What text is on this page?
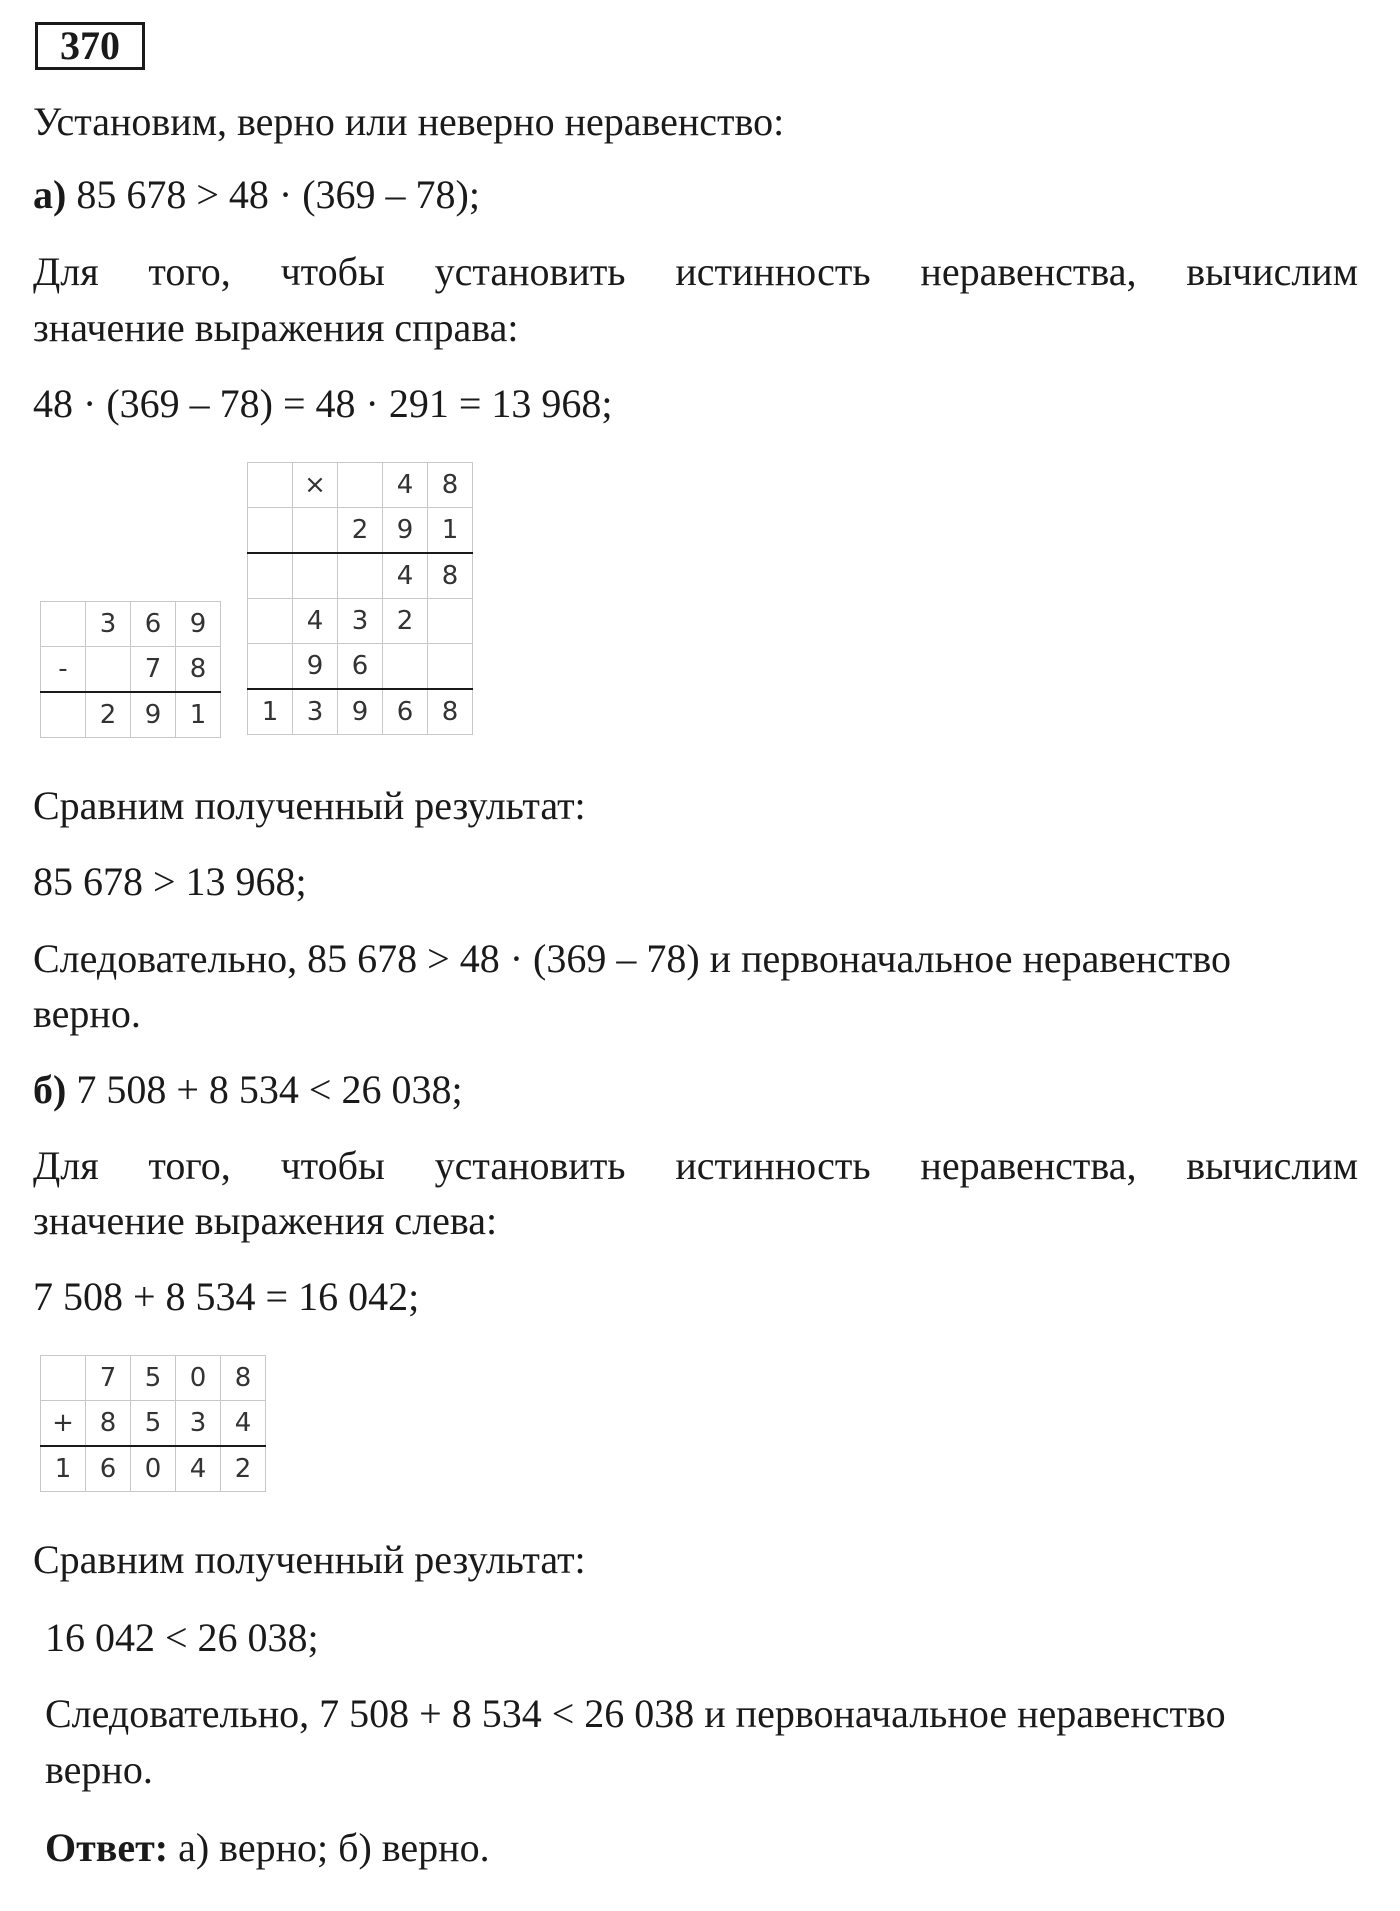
370
Установим, верно или неверно неравенство:
а) 85 678 > 48 · (369 – 78);
Для того, чтобы установить истинность неравенства, вычислим
значение выражения справа:
48 · (369 – 78) = 48 · 291 = 13 968;
	3	6	9
-		7	8
	2	9	1
	×		4	8
		2	9	1
			4	8
	4	3	2	
	9	6		
1	3	9	6	8
Сравним полученный результат:
85 678 > 13 968;
Следовательно, 85 678 > 48 · (369 – 78) и первоначальное неравенство
верно.
б) 7 508 + 8 534 < 26 038;
Для того, чтобы установить истинность неравенства, вычислим
значение выражения слева:
7 508 + 8 534 = 16 042;
	7	5	0	8
+	8	5	3	4
1	6	0	4	2
Сравним полученный результат:
16 042 < 26 038;
Следовательно, 7 508 + 8 534 < 26 038 и первоначальное неравенство
верно.
Ответ: а) верно; б) верно.
